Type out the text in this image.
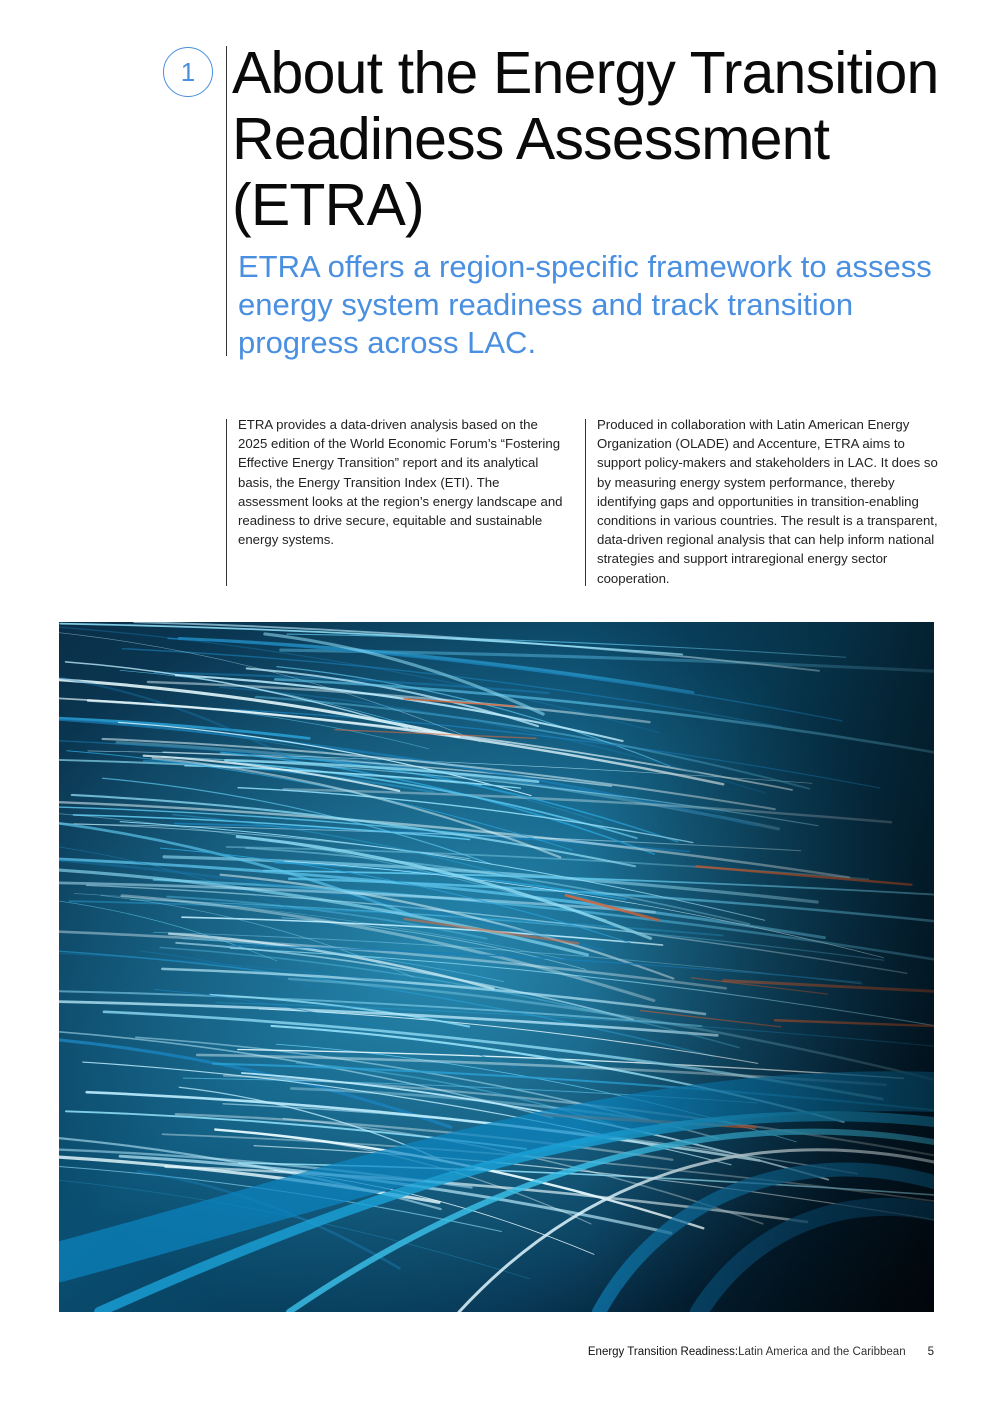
1 About the Energy Transition Readiness Assessment (ETRA)

ETRA offers a region-specific framework to assess energy system readiness and track transition progress across LAC.

ETRA provides a data-driven analysis based on the 2025 edition of the World Economic Forum’s “Fostering Effective Energy Transition” report and its analytical basis, the Energy Transition Index (ETI). The assessment looks at the region’s energy landscape and readiness to drive secure, equitable and sustainable energy systems.

Produced in collaboration with Latin American Energy Organization (OLADE) and Accenture, ETRA aims to support policy-makers and stakeholders in LAC. It does so by measuring energy system performance, thereby identifying gaps and opportunities in transition-enabling conditions in various countries. The result is a transparent, data-driven regional analysis that can help inform national strategies and support intraregional energy sector cooperation.

Energy Transition Readiness: Latin America and the Caribbean 5
